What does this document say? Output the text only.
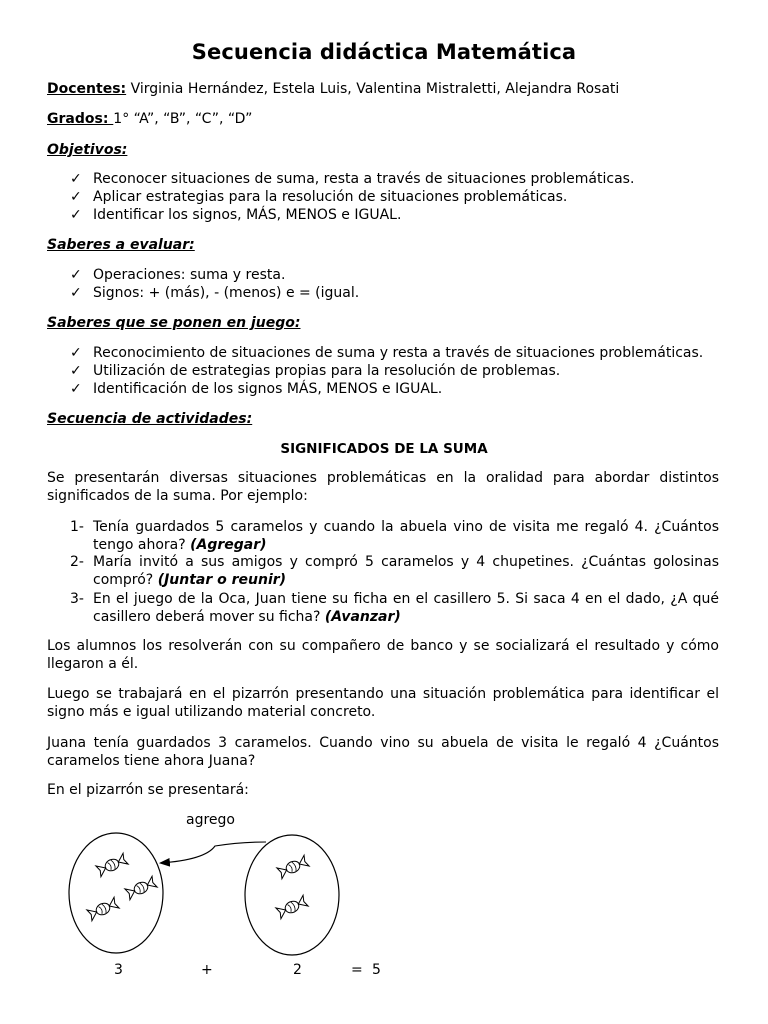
Secuencia didáctica Matemática
Docentes: Virginia Hernández, Estela Luis, Valentina Mistraletti, Alejandra Rosati
Grados: 1° “A”, “B”, “C”, “D”
Objetivos:
✓ Reconocer situaciones de suma, resta a través de situaciones problemáticas.
✓ Aplicar estrategias para la resolución de situaciones problemáticas.
✓ Identificar los signos, MÁS, MENOS e IGUAL.
Saberes a evaluar:
✓ Operaciones: suma y resta.
✓ Signos: + (más), - (menos) e = (igual.
Saberes que se ponen en juego:
✓ Reconocimiento de situaciones de suma y resta a través de situaciones problemáticas.
✓ Utilización de estrategias propias para la resolución de problemas.
✓ Identificación de los signos MÁS, MENOS e IGUAL.
Secuencia de actividades:
SIGNIFICADOS DE LA SUMA
Se presentarán diversas situaciones problemáticas en la oralidad para abordar distintos significados de la suma. Por ejemplo:
1- Tenía guardados 5 caramelos y cuando la abuela vino de visita me regaló 4. ¿Cuántos tengo ahora? (Agregar)
2- María invitó a sus amigos y compró 5 caramelos y 4 chupetines. ¿Cuántas golosinas compró? (Juntar o reunir)
3- En el juego de la Oca, Juan tiene su ficha en el casillero 5. Si saca 4 en el dado, ¿A qué casillero deberá mover su ficha? (Avanzar)
Los alumnos los resolverán con su compañero de banco y se socializará el resultado y cómo llegaron a él.
Luego se trabajará en el pizarrón presentando una situación problemática para identificar el signo más e igual utilizando material concreto.
Juana tenía guardados 3 caramelos. Cuando vino su abuela de visita le regaló 4 ¿Cuántos caramelos tiene ahora Juana?
En el pizarrón se presentará:
agrego
3	+	2	= 5
